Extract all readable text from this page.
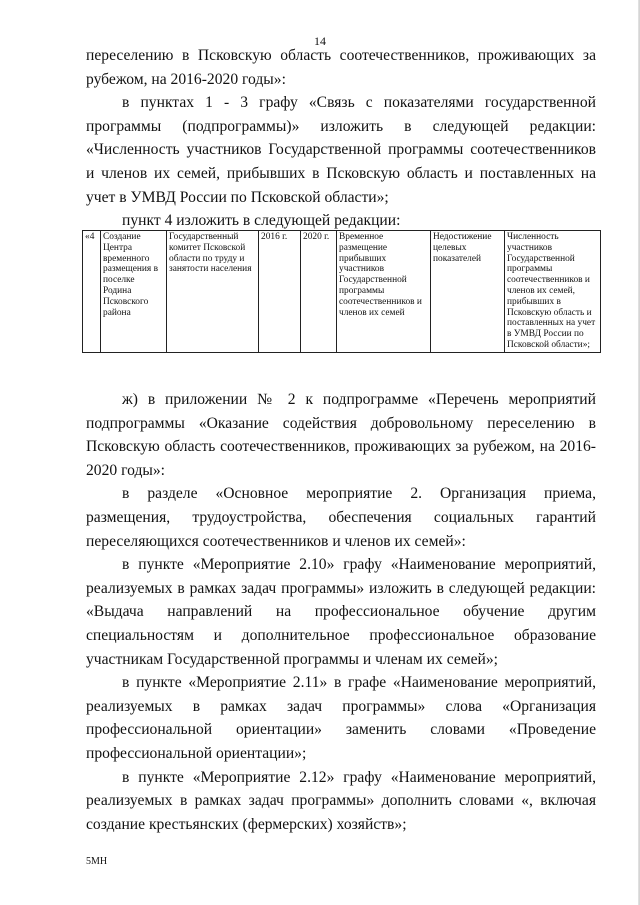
14

переселению в Псковскую область соотечественников, проживающих за рубежом, на 2016-2020 годы»:

в пунктах 1 - 3 графу «Связь с показателями государственной программы (подпрограммы)» изложить в следующей редакции: «Численность участников Государственной программы соотечественников и членов их семей, прибывших в Псковскую область и поставленных на учет в УМВД России по Псковской области»;

пункт 4 изложить в следующей редакции:

«4	Создание Центра временного размещения в поселке Родина Псковского района	Государственный комитет Псковской области по труду и занятости населения	2016 г.	2020 г.	Временное размещение прибывших участников Государственной программы соотечественников и членов их семей	Недостижение целевых показателей	Численность участников Государственной программы соотечественников и членов их семей, прибывших в Псковскую область и поставленных на учет в УМВД России по Псковской области»;

ж) в приложении № 2 к подпрограмме «Перечень мероприятий подпрограммы «Оказание содействия добровольному переселению в Псковскую область соотечественников, проживающих за рубежом, на 2016-2020 годы»:

в разделе «Основное мероприятие 2. Организация приема, размещения, трудоустройства, обеспечения социальных гарантий переселяющихся соотечественников и членов их семей»:

в пункте «Мероприятие 2.10» графу «Наименование мероприятий, реализуемых в рамках задач программы» изложить в следующей редакции: «Выдача направлений на профессиональное обучение другим специальностям и дополнительное профессиональное образование участникам Государственной программы и членам их семей»;

в пункте «Мероприятие 2.11» в графе «Наименование мероприятий, реализуемых в рамках задач программы» слова «Организация профессиональной ориентации» заменить словами «Проведение профессиональной ориентации»;

в пункте «Мероприятие 2.12» графу «Наименование мероприятий, реализуемых в рамках задач программы» дополнить словами «, включая создание крестьянских (фермерских) хозяйств»;

5МН
